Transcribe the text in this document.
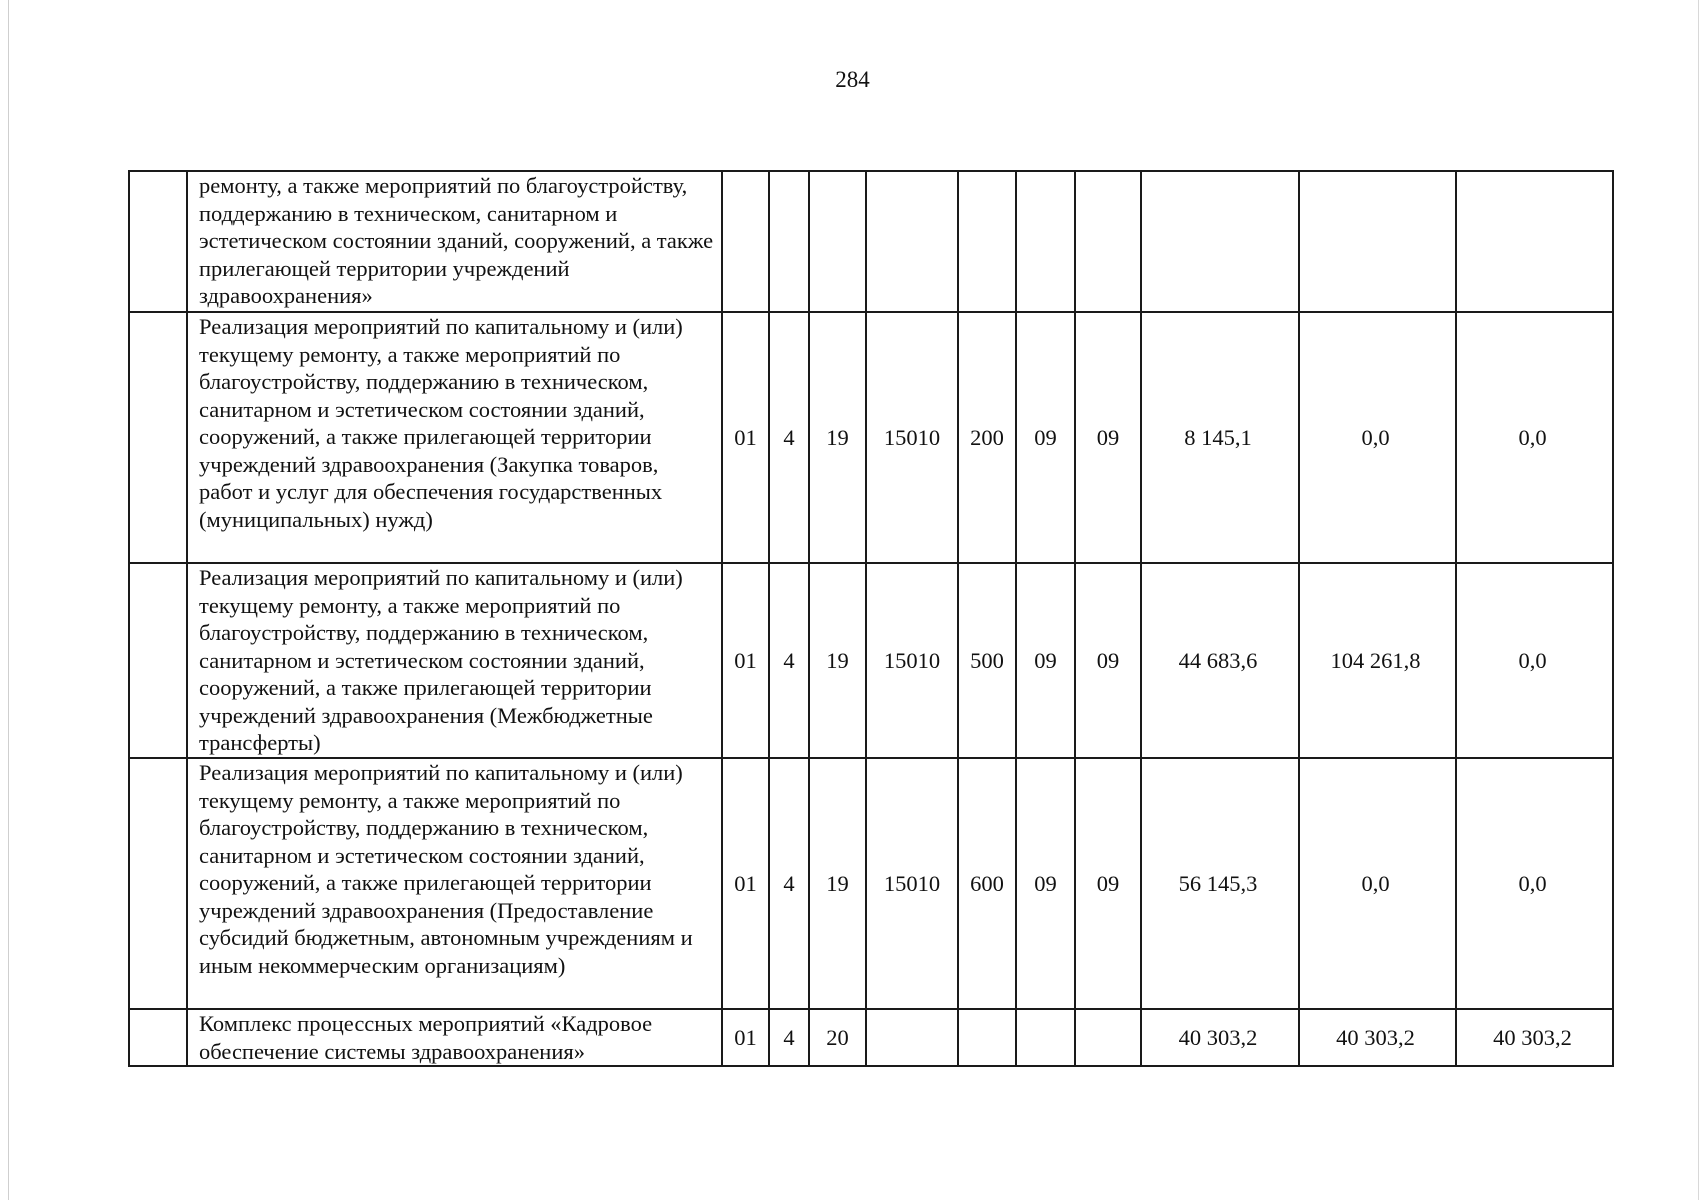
284
	ремонту, а также мероприятий по благоустройству, поддержанию в техническом, санитарном и эстетическом состоянии зданий, сооружений, а также прилегающей территории учреждений здравоохранения»										
	Реализация мероприятий по капитальному и (или) текущему ремонту, а также мероприятий по благоустройству, поддержанию в техническом, санитарном и эстетическом состоянии зданий, сооружений, а также прилегающей территории учреждений здравоохранения (Закупка товаров, работ и услуг для обеспечения государственных (муниципальных) нужд)	01	4	19	15010	200	09	09	8 145,1	0,0	0,0
	Реализация мероприятий по капитальному и (или) текущему ремонту, а также мероприятий по благоустройству, поддержанию в техническом, санитарном и эстетическом состоянии зданий, сооружений, а также прилегающей территории учреждений здравоохранения (Межбюджетные трансферты)	01	4	19	15010	500	09	09	44 683,6	104 261,8	0,0
	Реализация мероприятий по капитальному и (или) текущему ремонту, а также мероприятий по благоустройству, поддержанию в техническом, санитарном и эстетическом состоянии зданий, сооружений, а также прилегающей территории учреждений здравоохранения (Предоставление субсидий бюджетным, автономным учреждениям и иным некоммерческим организациям)	01	4	19	15010	600	09	09	56 145,3	0,0	0,0
	Комплекс процессных мероприятий «Кадровое обеспечение системы здравоохранения»	01	4	20					40 303,2	40 303,2	40 303,2
